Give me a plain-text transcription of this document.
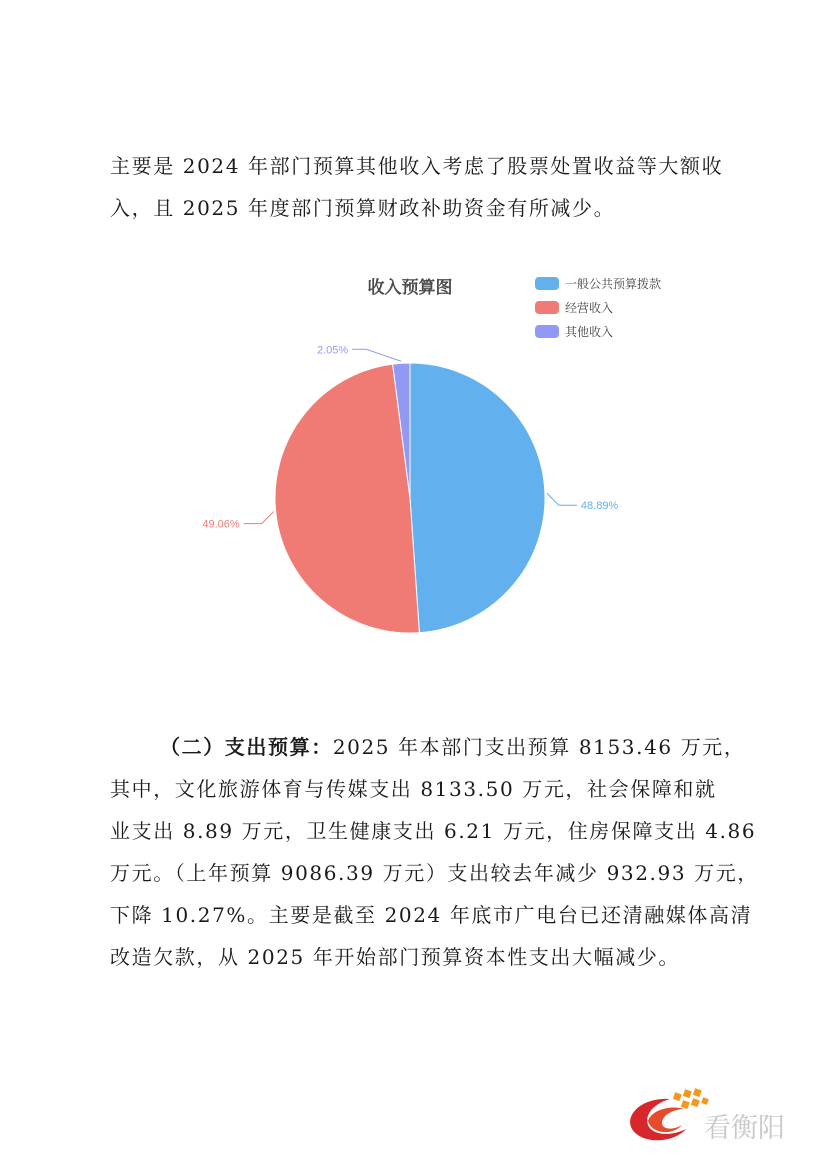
主要是 2024 年部门预算其他收入考虑了股票处置收益等大额收
入，且 2025 年度部门预算财政补助资金有所减少。
收入预算图	一般公共预算拨款
经营收入
其他收入
48.89%
49.06%
2.05%
（二）支出预算：2025 年本部门支出预算 8153.46 万元，
其中，文化旅游体育与传媒支出 8133.50 万元，社会保障和就
业支出 8.89 万元，卫生健康支出 6.21 万元，住房保障支出 4.86
万元。（上年预算 9086.39 万元）支出较去年减少 932.93 万元，
下降 10.27%。主要是截至 2024 年底市广电台已还清融媒体高清
改造欠款，从 2025 年开始部门预算资本性支出大幅减少。
看衡阳
